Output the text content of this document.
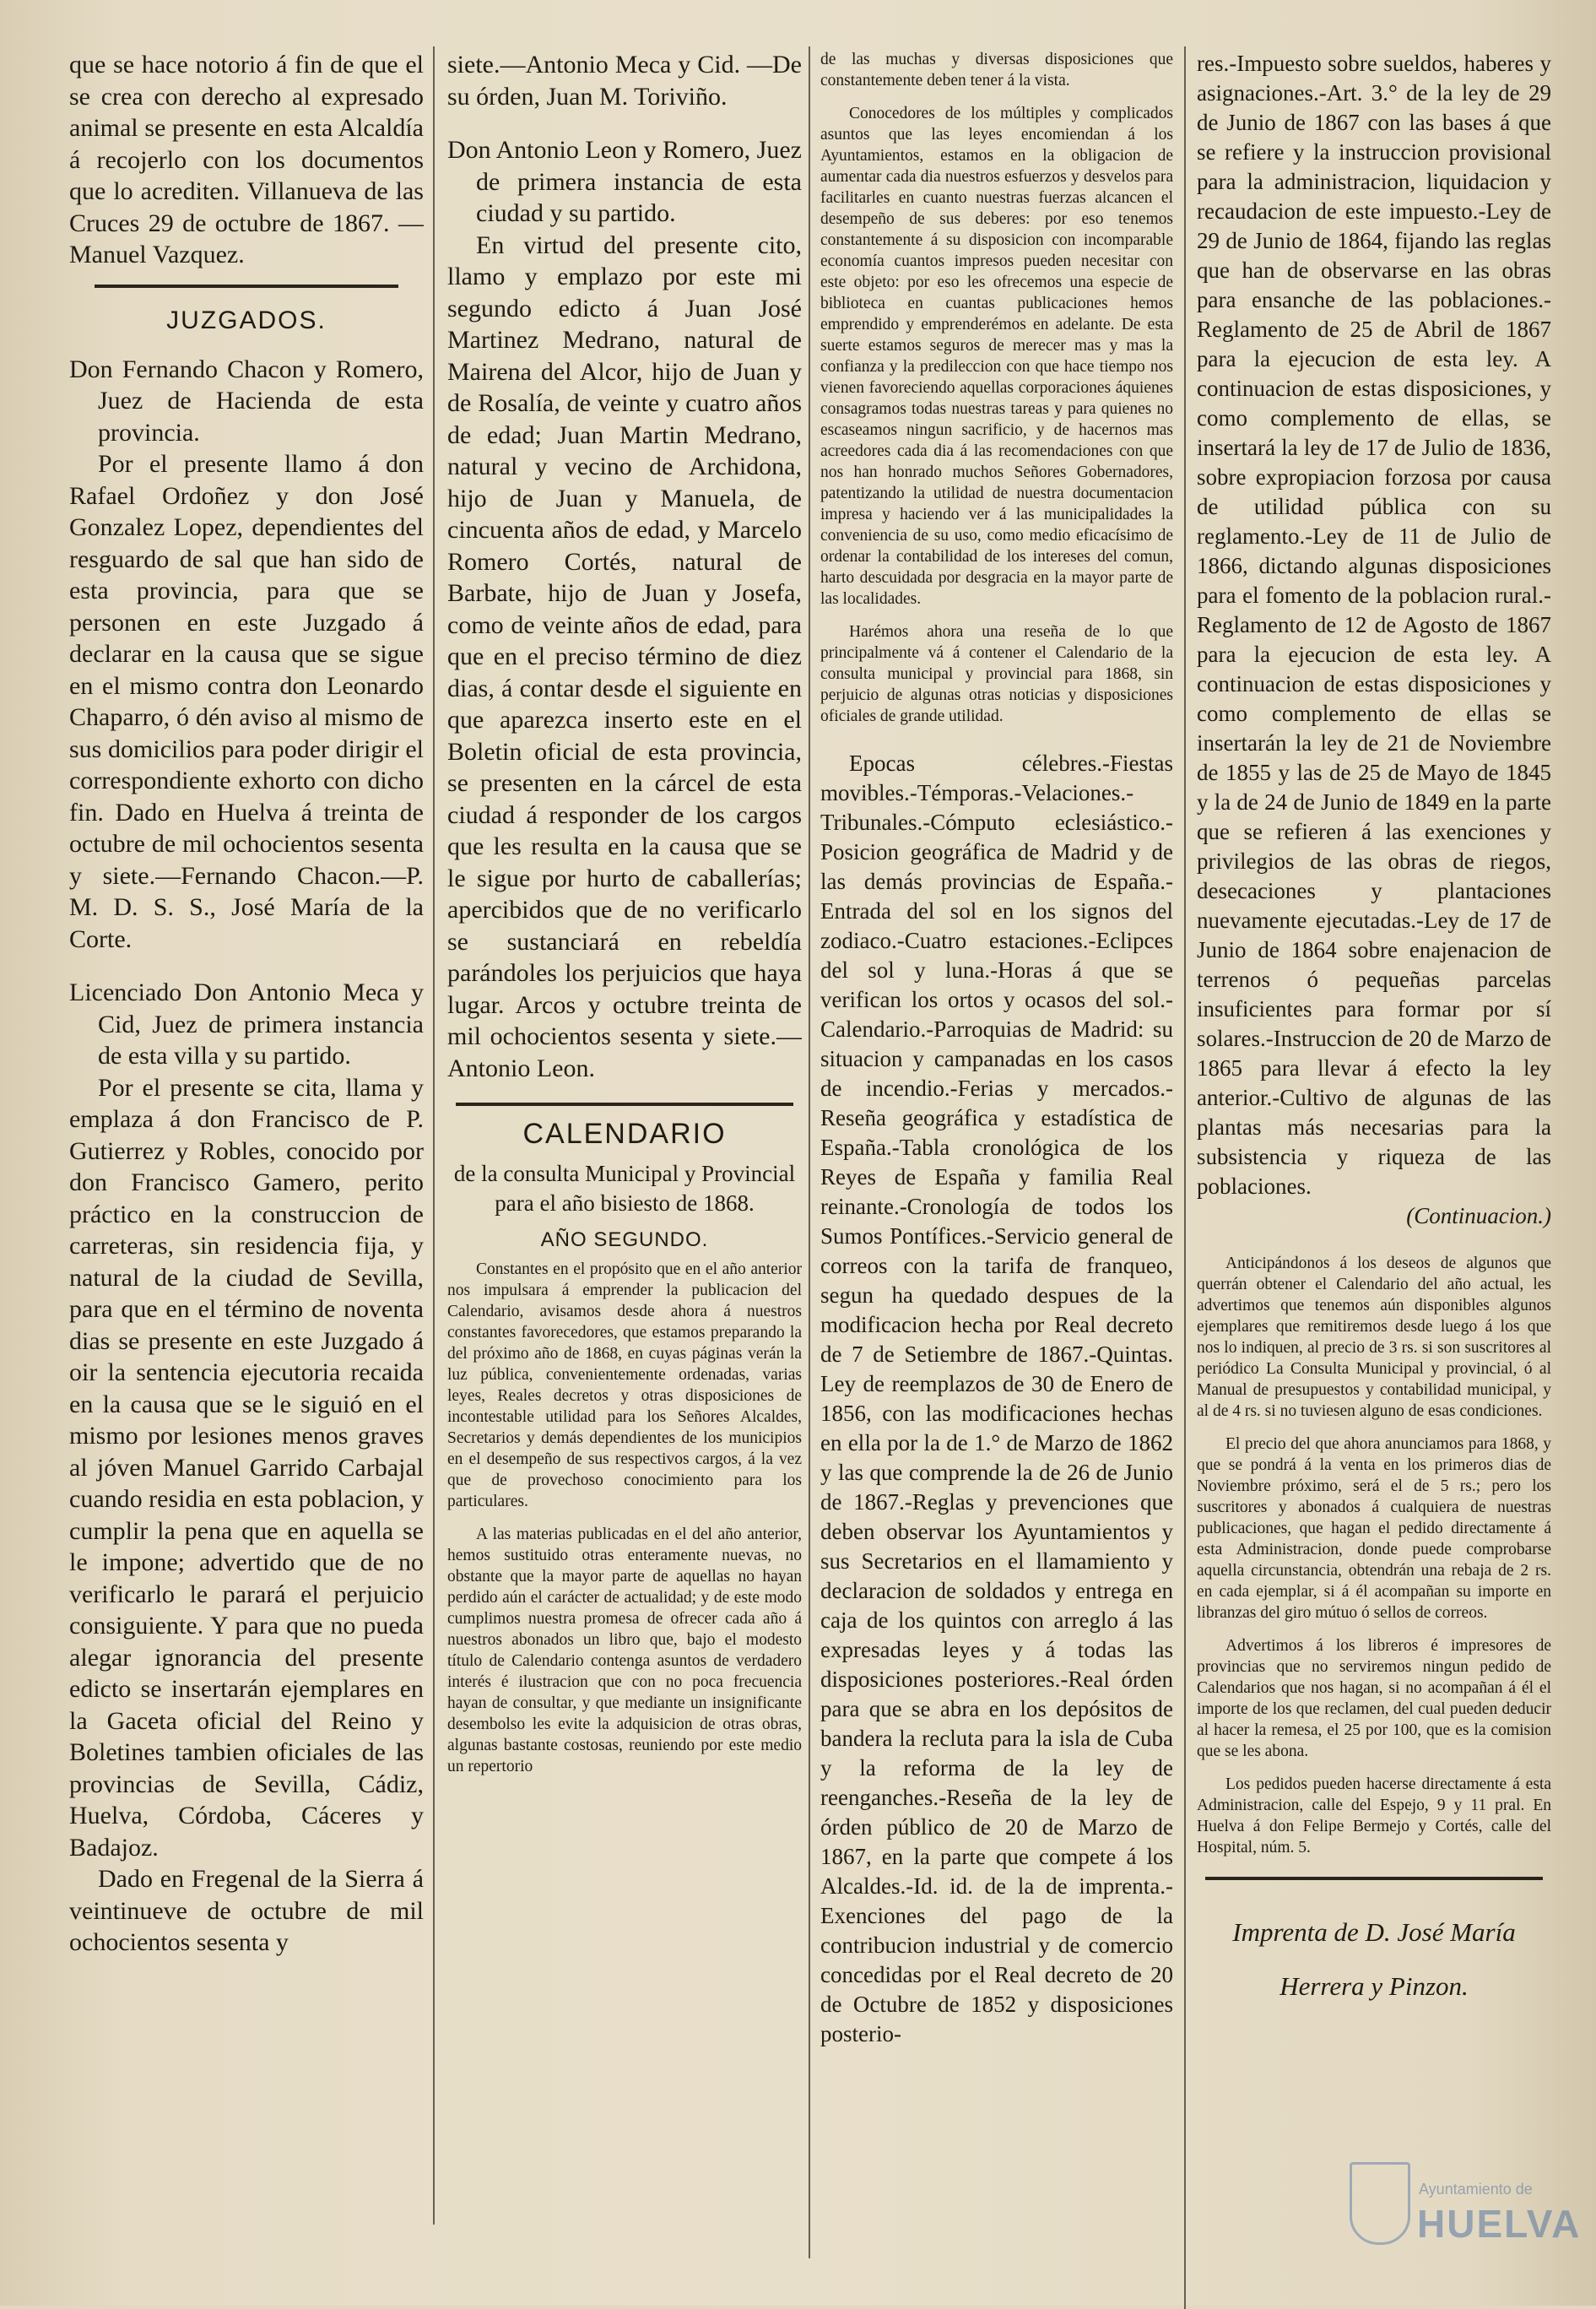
que se hace notorio á fin de que el se crea con derecho al expresado animal se presente en esta Alcaldía á recojerlo con los documentos que lo acrediten. Villanueva de las Cruces 29 de octubre de 1867. —Manuel Vazquez.

JUZGADOS.

Don Fernando Chacon y Romero, Juez de Hacienda de esta provincia.

Por el presente llamo á don Rafael Ordoñez y don José Gonzalez Lopez, dependientes del resguardo de sal que han sido de esta provincia, para que se personen en este Juzgado á declarar en la causa que se sigue en el mismo contra don Leonardo Chaparro, ó dén aviso al mismo de sus domicilios para poder dirigir el correspondiente exhorto con dicho fin. Dado en Huelva á treinta de octubre de mil ochocientos sesenta y siete.—Fernando Chacon.—P. M. D. S. S., José María de la Corte.

Licenciado Don Antonio Meca y Cid, Juez de primera instancia de esta villa y su partido.

Por el presente se cita, llama y emplaza á don Francisco de P. Gutierrez y Robles, conocido por don Francisco Gamero, perito práctico en la construccion de carreteras, sin residencia fija, y natural de la ciudad de Sevilla, para que en el término de noventa dias se presente en este Juzgado á oir la sentencia ejecutoria recaida en la causa que se le siguió en el mismo por lesiones menos graves al jóven Manuel Garrido Carbajal cuando residia en esta poblacion, y cumplir la pena que en aquella se le impone; advertido que de no verificarlo le parará el perjuicio consiguiente. Y para que no pueda alegar ignorancia del presente edicto se insertarán ejemplares en la Gaceta oficial del Reino y Boletines tambien oficiales de las provincias de Sevilla, Cádiz, Huelva, Córdoba, Cáceres y Badajoz.

Dado en Fregenal de la Sierra á veintinueve de octubre de mil ochocientos sesenta y

siete.—Antonio Meca y Cid. —De su órden, Juan M. Toriviño.

Don Antonio Leon y Romero, Juez de primera instancia de esta ciudad y su partido.

En virtud del presente cito, llamo y emplazo por este mi segundo edicto á Juan José Martinez Medrano, natural de Mairena del Alcor, hijo de Juan y de Rosalía, de veinte y cuatro años de edad; Juan Martin Medrano, natural y vecino de Archidona, hijo de Juan y Manuela, de cincuenta años de edad, y Marcelo Romero Cortés, natural de Barbate, hijo de Juan y Josefa, como de veinte años de edad, para que en el preciso término de diez dias, á contar desde el siguiente en que aparezca inserto este en el Boletin oficial de esta provincia, se presenten en la cárcel de esta ciudad á responder de los cargos que les resulta en la causa que se le sigue por hurto de caballerías; apercibidos que de no verificarlo se sustanciará en rebeldía parándoles los perjuicios que haya lugar. Arcos y octubre treinta de mil ochocientos sesenta y siete.—Antonio Leon.

CALENDARIO

de la consulta Municipal y Provincial para el año bisiesto de 1868.

AÑO SEGUNDO.

Constantes en el propósito que en el año anterior nos impulsara á emprender la publicacion del Calendario, avisamos desde ahora á nuestros constantes favorecedores, que estamos preparando la del próximo año de 1868, en cuyas páginas verán la luz pública, convenientemente ordenadas, varias leyes, Reales decretos y otras disposiciones de incontestable utilidad para los Señores Alcaldes, Secretarios y demás dependientes de los municipios en el desempeño de sus respectivos cargos, á la vez que de provechoso conocimiento para los particulares.

A las materias publicadas en el del año anterior, hemos sustituido otras enteramente nuevas, no obstante que la mayor parte de aquellas no hayan perdido aún el carácter de actualidad; y de este modo cumplimos nuestra promesa de ofrecer cada año á nuestros abonados un libro que, bajo el modesto título de Calendario contenga asuntos de verdadero interés é ilustracion que con no poca frecuencia hayan de consultar, y que mediante un insignificante desembolso les evite la adquisicion de otras obras, algunas bastante costosas, reuniendo por este medio un repertorio

de las muchas y diversas disposiciones que constantemente deben tener á la vista.

Conocedores de los múltiples y complicados asuntos que las leyes encomiendan á los Ayuntamientos, estamos en la obligacion de aumentar cada dia nuestros esfuerzos y desvelos para facilitarles en cuanto nuestras fuerzas alcancen el desempeño de sus deberes: por eso tenemos constantemente á su disposicion con incomparable economía cuantos impresos pueden necesitar con este objeto: por eso les ofrecemos una especie de biblioteca en cuantas publicaciones hemos emprendido y emprenderémos en adelante. De esta suerte estamos seguros de merecer mas y mas la confianza y la predileccion con que hace tiempo nos vienen favoreciendo aquellas corporaciones áquienes consagramos todas nuestras tareas y para quienes no escaseamos ningun sacrificio, y de hacernos mas acreedores cada dia á las recomendaciones con que nos han honrado muchos Señores Gobernadores, patentizando la utilidad de nuestra documentacion impresa y haciendo ver á las municipalidades la conveniencia de su uso, como medio eficacísimo de ordenar la contabilidad de los intereses del comun, harto descuidada por desgracia en la mayor parte de las localidades.

Harémos ahora una reseña de lo que principalmente vá á contener el Calendario de la consulta municipal y provincial para 1868, sin perjuicio de algunas otras noticias y disposiciones oficiales de grande utilidad.

Epocas célebres.-Fiestas movibles.-Témporas.-Velaciones.-Tribunales.-Cómputo eclesiástico.-Posicion geográfica de Madrid y de las demás provincias de España.-Entrada del sol en los signos del zodiaco.-Cuatro estaciones.-Eclipces del sol y luna.-Horas á que se verifican los ortos y ocasos del sol.-Calendario.-Parroquias de Madrid: su situacion y campanadas en los casos de incendio.-Ferias y mercados.-Reseña geográfica y estadística de España.-Tabla cronológica de los Reyes de España y familia Real reinante.-Cronología de todos los Sumos Pontífices.-Servicio general de correos con la tarifa de franqueo, segun ha quedado despues de la modificacion hecha por Real decreto de 7 de Setiembre de 1867.-Quintas. Ley de reemplazos de 30 de Enero de 1856, con las modificaciones hechas en ella por la de 1.° de Marzo de 1862 y las que comprende la de 26 de Junio de 1867.-Reglas y prevenciones que deben observar los Ayuntamientos y sus Secretarios en el llamamiento y declaracion de soldados y entrega en caja de los quintos con arreglo á las expresadas leyes y á todas las disposiciones posteriores.-Real órden para que se abra en los depósitos de bandera la recluta para la isla de Cuba y la reforma de la ley de reenganches.-Reseña de la ley de órden público de 20 de Marzo de 1867, en la parte que compete á los Alcaldes.-Id. id. de la de imprenta.-Exenciones del pago de la contribucion industrial y de comercio concedidas por el Real decreto de 20 de Octubre de 1852 y disposiciones posterio-

res.-Impuesto sobre sueldos, haberes y asignaciones.-Art. 3.° de la ley de 29 de Junio de 1867 con las bases á que se refiere y la instruccion provisional para la administracion, liquidacion y recaudacion de este impuesto.-Ley de 29 de Junio de 1864, fijando las reglas que han de observarse en las obras para ensanche de las poblaciones.-Reglamento de 25 de Abril de 1867 para la ejecucion de esta ley. A continuacion de estas disposiciones, y como complemento de ellas, se insertará la ley de 17 de Julio de 1836, sobre expropiacion forzosa por causa de utilidad pública con su reglamento.-Ley de 11 de Julio de 1866, dictando algunas disposiciones para el fomento de la poblacion rural.-Reglamento de 12 de Agosto de 1867 para la ejecucion de esta ley. A continuacion de estas disposiciones y como complemento de ellas se insertarán la ley de 21 de Noviembre de 1855 y las de 25 de Mayo de 1845 y la de 24 de Junio de 1849 en la parte que se refieren á las exenciones y privilegios de las obras de riegos, desecaciones y plantaciones nuevamente ejecutadas.-Ley de 17 de Junio de 1864 sobre enajenacion de terrenos ó pequeñas parcelas insuficientes para formar por sí solares.-Instruccion de 20 de Marzo de 1865 para llevar á efecto la ley anterior.-Cultivo de algunas de las plantas más necesarias para la subsistencia y riqueza de las poblaciones.

(Continuacion.)

Anticipándonos á los deseos de algunos que querrán obtener el Calendario del año actual, les advertimos que tenemos aún disponibles algunos ejemplares que remitiremos desde luego á los que nos lo indiquen, al precio de 3 rs. si son suscritores al periódico La Consulta Municipal y provincial, ó al Manual de presupuestos y contabilidad municipal, y al de 4 rs. si no tuviesen alguno de esas condiciones.

El precio del que ahora anunciamos para 1868, y que se pondrá á la venta en los primeros dias de Noviembre próximo, será el de 5 rs.; pero los suscritores y abonados á cualquiera de nuestras publicaciones, que hagan el pedido directamente á esta Administracion, donde puede comprobarse aquella circunstancia, obtendrán una rebaja de 2 rs. en cada ejemplar, si á él acompañan su importe en libranzas del giro mútuo ó sellos de correos.

Advertimos á los libreros é impresores de provincias que no serviremos ningun pedido de Calendarios que nos hagan, si no acompañan á él el importe de los que reclamen, del cual pueden deducir al hacer la remesa, el 25 por 100, que es la comision que se les abona.

Los pedidos pueden hacerse directamente á esta Administracion, calle del Espejo, 9 y 11 pral. En Huelva á don Felipe Bermejo y Cortés, calle del Hospital, núm. 5.

Imprenta de D. José María
Herrera y Pinzon.
Ayuntamiento de
HUELVA
